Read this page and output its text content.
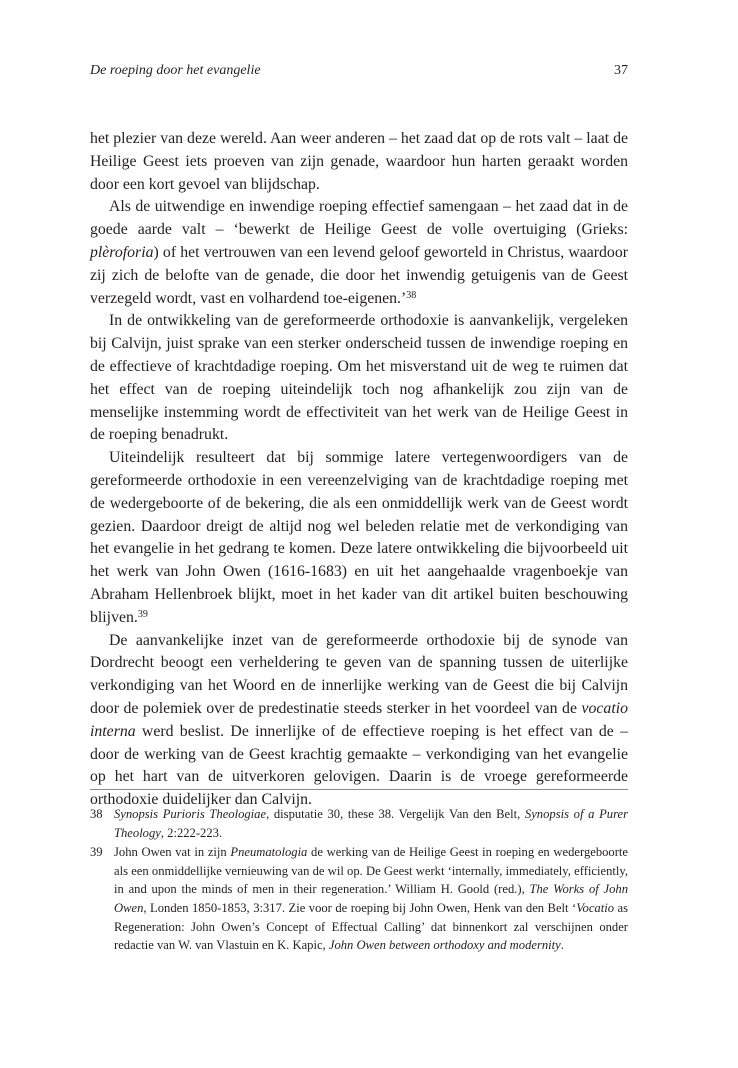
De roeping door het evangelie	37

het plezier van deze wereld. Aan weer anderen – het zaad dat op de rots valt – laat de Heilige Geest iets proeven van zijn genade, waardoor hun harten geraakt worden door een kort gevoel van blijdschap.

Als de uitwendige en inwendige roeping effectief samengaan – het zaad dat in de goede aarde valt – ‘bewerkt de Heilige Geest de volle overtuiging (Grieks: plèroforia) of het vertrouwen van een levend geloof geworteld in Christus, waardoor zij zich de belofte van de genade, die door het inwendig getuigenis van de Geest verzegeld wordt, vast en volhardend toe-eigenen.’$^{38}$

In de ontwikkeling van de gereformeerde orthodoxie is aanvankelijk, vergeleken bij Calvijn, juist sprake van een sterker onderscheid tussen de inwendige roeping en de effectieve of krachtdadige roeping. Om het misverstand uit de weg te ruimen dat het effect van de roeping uiteindelijk toch nog afhankelijk zou zijn van de menselijke instemming wordt de effectiviteit van het werk van de Heilige Geest in de roeping benadrukt.

Uiteindelijk resulteert dat bij sommige latere vertegenwoordigers van de gereformeerde orthodoxie in een vereenzelviging van de krachtdadige roeping met de wedergeboorte of de bekering, die als een onmiddellijk werk van de Geest wordt gezien. Daardoor dreigt de altijd nog wel beleden relatie met de verkondiging van het evangelie in het gedrang te komen. Deze latere ontwikkeling die bijvoorbeeld uit het werk van John Owen (1616-1683) en uit het aangehaalde vragenboekje van Abraham Hellenbroek blijkt, moet in het kader van dit artikel buiten beschouwing blijven.$^{39}$

De aanvankelijke inzet van de gereformeerde orthodoxie bij de synode van Dordrecht beoogt een verheldering te geven van de spanning tussen de uiterlijke verkondiging van het Woord en de innerlijke werking van de Geest die bij Calvijn door de polemiek over de predestinatie steeds sterker in het voordeel van de vocatio interna werd beslist. De innerlijke of de effectieve roeping is het effect van de – door de werking van de Geest krachtig gemaakte – verkondiging van het evangelie op het hart van de uitverkoren gelovigen. Daarin is de vroege gereformeerde orthodoxie duidelijker dan Calvijn.

38 Synopsis Purioris Theologiae, disputatie 30, these 38. Vergelijk Van den Belt, Synopsis of a Purer Theology, 2:222-223.
39 John Owen vat in zijn Pneumatologia de werking van de Heilige Geest in roeping en wedergeboorte als een onmiddellijke vernieuwing van de wil op. De Geest werkt ‘internally, immediately, efficiently, in and upon the minds of men in their regeneration.’ William H. Goold (red.), The Works of John Owen, Londen 1850-1853, 3:317. Zie voor de roeping bij John Owen, Henk van den Belt ‘Vocatio as Regeneration: John Owen’s Concept of Effectual Calling’ dat binnenkort zal verschijnen onder redactie van W. van Vlastuin en K. Kapic, John Owen between orthodoxy and modernity.
